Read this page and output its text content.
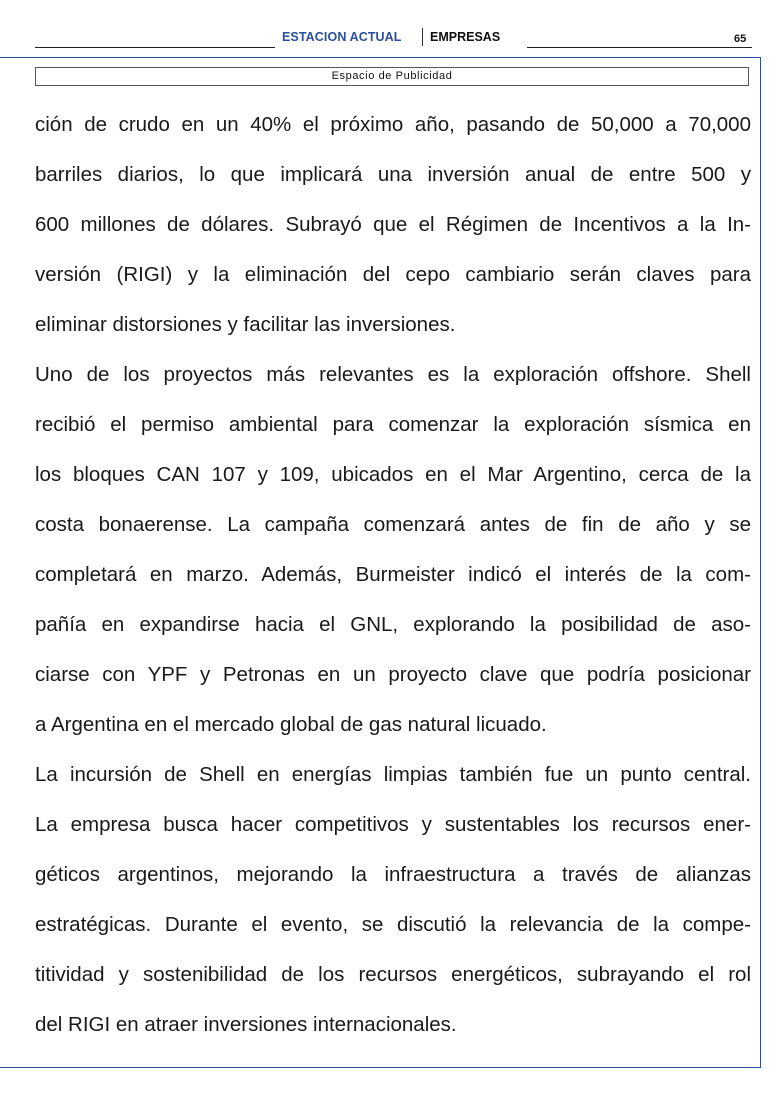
ESTACION ACTUAL EMPRESAS	65
Espacio de Publicidad
ción de crudo en un 40% el próximo año, pasando de 50,000 a 70,000
barriles diarios, lo que implicará una inversión anual de entre 500 y
600 millones de dólares. Subrayó que el Régimen de Incentivos a la In-
versión (RIGI) y la eliminación del cepo cambiario serán claves para
eliminar distorsiones y facilitar las inversiones.
Uno de los proyectos más relevantes es la exploración offshore. Shell
recibió el permiso ambiental para comenzar la exploración sísmica en
los bloques CAN 107 y 109, ubicados en el Mar Argentino, cerca de la
costa bonaerense. La campaña comenzará antes de fin de año y se
completará en marzo. Además, Burmeister indicó el interés de la com-
pañía en expandirse hacia el GNL, explorando la posibilidad de aso-
ciarse con YPF y Petronas en un proyecto clave que podría posicionar
a Argentina en el mercado global de gas natural licuado.
La incursión de Shell en energías limpias también fue un punto central.
La empresa busca hacer competitivos y sustentables los recursos ener-
géticos argentinos, mejorando la infraestructura a través de alianzas
estratégicas. Durante el evento, se discutió la relevancia de la compe-
titividad y sostenibilidad de los recursos energéticos, subrayando el rol
del RIGI en atraer inversiones internacionales.
